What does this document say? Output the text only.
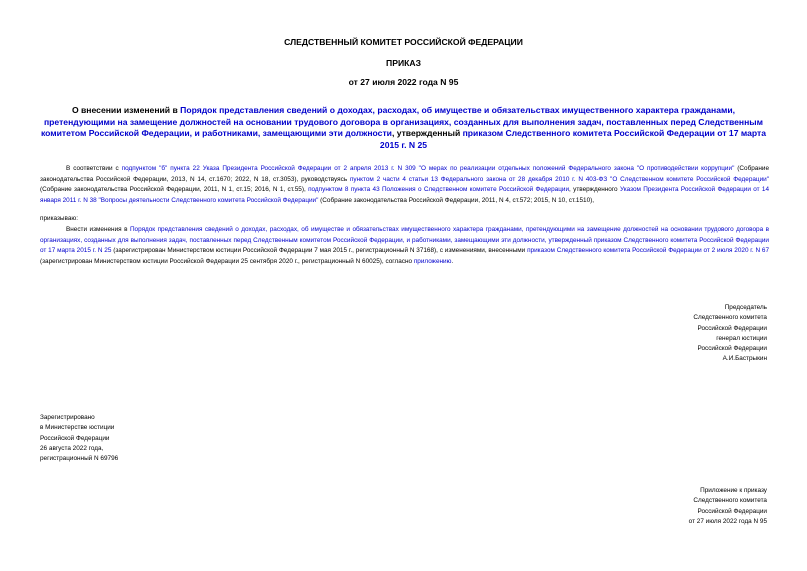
СЛЕДСТВЕННЫЙ КОМИТЕТ РОССИЙСКОЙ ФЕДЕРАЦИИ
ПРИКАЗ
от 27 июля 2022 года N 95
О внесении изменений в Порядок представления сведений о доходах, расходах, об имуществе и обязательствах имущественного характера гражданами, претендующими на замещение должностей на основании трудового договора в организациях, созданных для выполнения задач, поставленных перед Следственным комитетом Российской Федерации, и работниками, замещающими эти должности, утвержденный приказом Следственного комитета Российской Федерации от 17 марта 2015 г. N 25
В соответствии с подпунктом "б" пункта 22 Указа Президента Российской Федерации от 2 апреля 2013 г. N 309 "О мерах по реализации отдельных положений Федерального закона "О противодействии коррупции" (Собрание законодательства Российской Федерации, 2013, N 14, ст.1670; 2022, N 18, ст.3053), руководствуясь пунктом 2 части 4 статьи 13 Федерального закона от 28 декабря 2010 г. N 403-ФЗ "О Следственном комитете Российской Федерации" (Собрание законодательства Российской Федерации, 2011, N 1, ст.15; 2016, N 1, ст.55), подпунктом 8 пункта 43 Положения о Следственном комитете Российской Федерации, утвержденного Указом Президента Российской Федерации от 14 января 2011 г. N 38 "Вопросы деятельности Следственного комитета Российской Федерации" (Собрание законодательства Российской Федерации, 2011, N 4, ст.572; 2015, N 10, ст.1510),
приказываю:
Внести изменения в Порядок представления сведений о доходах, расходах, об имуществе и обязательствах имущественного характера гражданами, претендующими на замещение должностей на основании трудового договора в организациях, созданных для выполнения задач, поставленных перед Следственным комитетом Российской Федерации, и работниками, замещающими эти должности, утвержденный приказом Следственного комитета Российской Федерации от 17 марта 2015 г. N 25 (зарегистрирован Министерством юстиции Российской Федерации 7 мая 2015 г., регистрационный N 37168), с изменениями, внесенными приказом Следственного комитета Российской Федерации от 2 июля 2020 г. N 67 (зарегистрирован Министерством юстиции Российской Федерации 25 сентября 2020 г., регистрационный N 60025), согласно приложению.
Председатель
Следственного комитета
Российской Федерации
генерал юстиции
Российской Федерации
А.И.Бастрыкин
Зарегистрировано
в Министерстве юстиции
Российской Федерации
26 августа 2022 года,
регистрационный N 69796
Приложение к приказу
Следственного комитета
Российской Федерации
от 27 июля 2022 года N 95
